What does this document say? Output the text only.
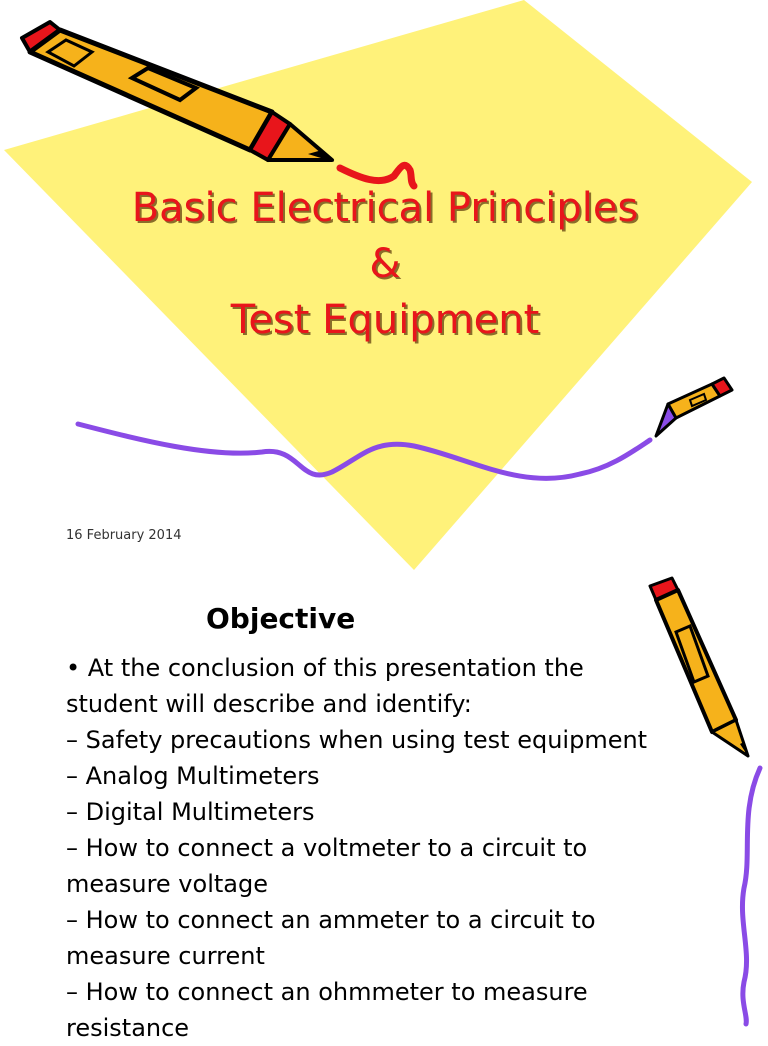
Basic Electrical Principles
&
Test Equipment
16 February 2014
Objective
• At the conclusion of this presentation the
student will describe and identify:
– Safety precautions when using test equipment
– Analog Multimeters
– Digital Multimeters
– How to connect a voltmeter to a circuit to
measure voltage
– How to connect an ammeter to a circuit to
measure current
– How to connect an ohmmeter to measure
resistance
